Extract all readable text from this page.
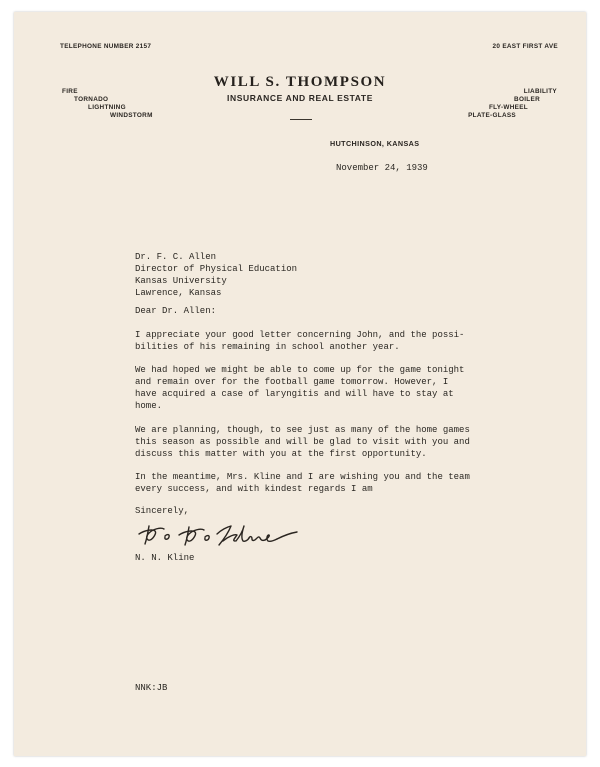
TELEPHONE NUMBER 2157	20 EAST FIRST AVE
WILL S. THOMPSON
INSURANCE AND REAL ESTATE
FIRE
TORNADO
LIGHTNING
WINDSTORM
LIABILITY
BOILER
FLY-WHEEL
PLATE-GLASS
HUTCHINSON, KANSAS
November 24, 1939
Dr. F. C. Allen
Director of Physical Education
Kansas University
Lawrence, Kansas
Dear Dr. Allen:
I appreciate your good letter concerning John, and the possi-
bilities of his remaining in school another year.
We had hoped we might be able to come up for the game tonight
and remain over for the football game tomorrow. However, I
have acquired a case of laryngitis and will have to stay at
home.
We are planning, though, to see just as many of the home games
this season as possible and will be glad to visit with you and
discuss this matter with you at the first opportunity.
In the meantime, Mrs. Kline and I are wishing you and the team
every success, and with kindest regards I am
Sincerely,
N. N. Kline
NNK:JB
